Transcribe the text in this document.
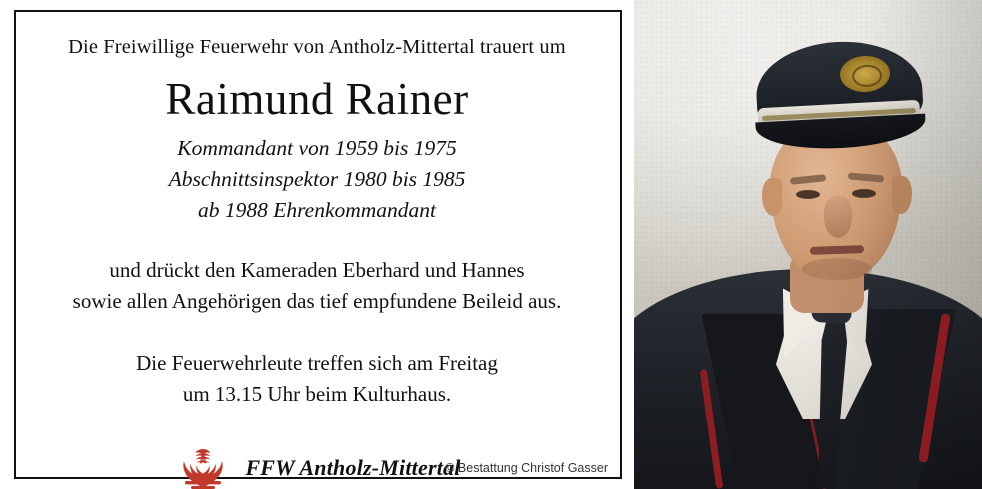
Die Freiwillige Feuerwehr von Antholz-Mittertal trauert um

Raimund Rainer
Kommandant von 1959 bis 1975
Abschnittsinspektor 1980 bis 1985
ab 1988 Ehrenkommandant
und drückt den Kameraden Eberhard und Hannes
sowie allen Angehörigen das tief empfundene Beileid aus.
Die Feuerwehrleute treffen sich am Freitag
um 13.15 Uhr beim Kulturhaus.
FFW Antholz-Mittertal
© Bestattung Christof Gasser
